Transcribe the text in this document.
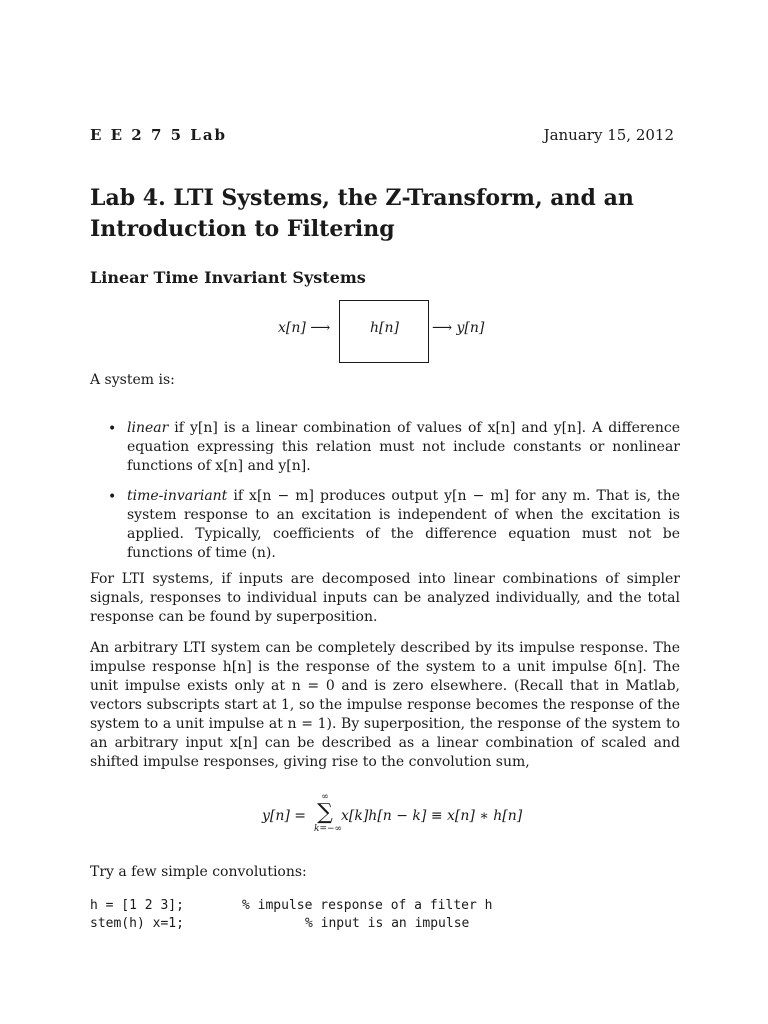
E E 2 7 5 Lab	January 15, 2012
Lab 4. LTI Systems, the Z-Transform, and an Introduction to Filtering
Linear Time Invariant Systems
x[n] ⟶	h[n] ⟶ y[n]
A system is:
• linear if y[n] is a linear combination of values of x[n] and y[n]. A difference equation expressing this relation must not include constants or nonlinear functions of x[n] and y[n].
• time-invariant if x[n − m] produces output y[n − m] for any m. That is, the system response to an excitation is independent of when the excitation is applied. Typically, coefficients of the difference equation must not be functions of time (n).
For LTI systems, if inputs are decomposed into linear combinations of simpler signals, responses to individual inputs can be analyzed individually, and the total response can be found by superposition.
An arbitrary LTI system can be completely described by its impulse response. The impulse response h[n] is the response of the system to a unit impulse δ[n]. The unit impulse exists only at n = 0 and is zero elsewhere. (Recall that in Matlab, vectors subscripts start at 1, so the impulse response becomes the response of the system to a unit impulse at n = 1). By superposition, the response of the system to an arbitrary input x[n] can be described as a linear combination of scaled and shifted impulse responses, giving rise to the convolution sum,
y[n] =
∞
∑
k=−∞
x[k]h[n − k] ≡ x[n] ∗ h[n]
Try a few simple convolutions:
h = [1 2 3];	% impulse response of a filter h
stem(h) x=1;	% input is an impulse
